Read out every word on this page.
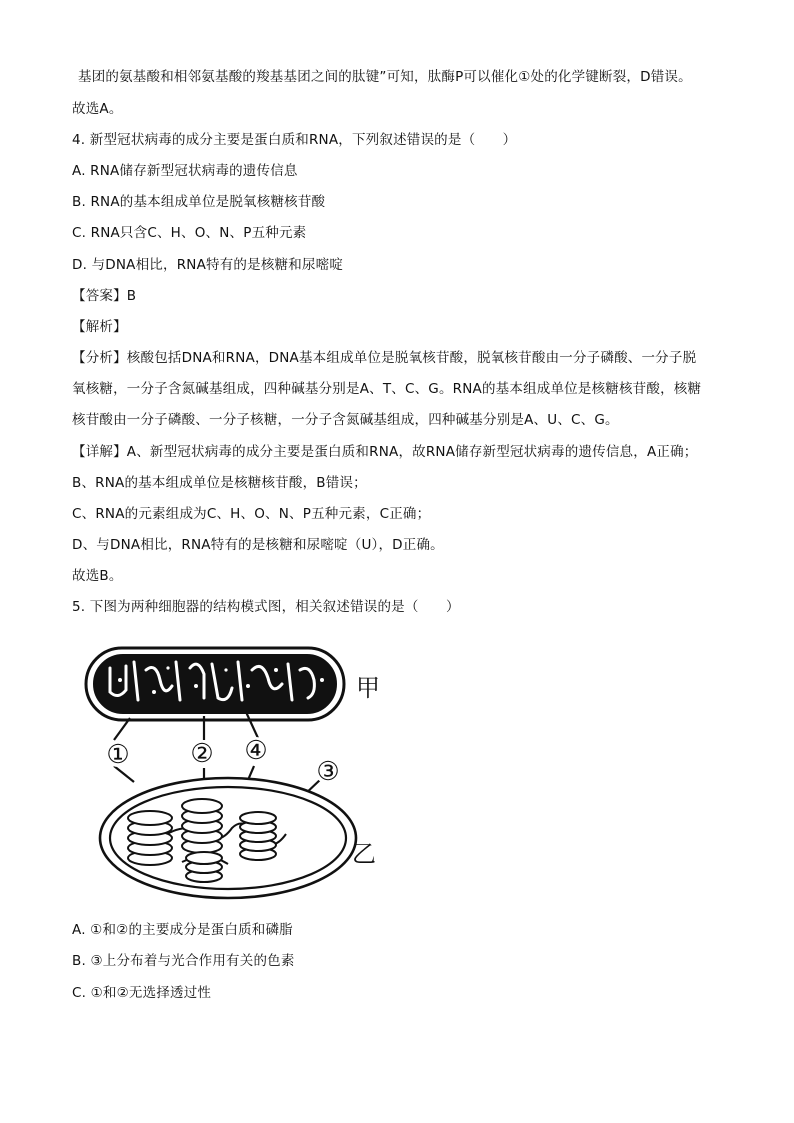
基团的氨基酸和相邻氨基酸的羧基基团之间的肽键”可知，肽酶P可以催化①处的化学键断裂，D错误。
故选A。
4. 新型冠状病毒的成分主要是蛋白质和RNA，下列叙述错误的是（　　）
A. RNA储存新型冠状病毒的遗传信息
B. RNA的基本组成单位是脱氧核糖核苷酸
C. RNA只含C、H、O、N、P五种元素
D. 与DNA相比，RNA特有的是核糖和尿嘧啶
【答案】B
【解析】
【分析】核酸包括DNA和RNA，DNA基本组成单位是脱氧核苷酸，脱氧核苷酸由一分子磷酸、一分子脱
氧核糖，一分子含氮碱基组成，四种碱基分别是A、T、C、G。RNA的基本组成单位是核糖核苷酸，核糖
核苷酸由一分子磷酸、一分子核糖，一分子含氮碱基组成，四种碱基分别是A、U、C、G。
【详解】A、新型冠状病毒的成分主要是蛋白质和RNA，故RNA储存新型冠状病毒的遗传信息，A正确；
B、RNA的基本组成单位是核糖核苷酸，B错误；
C、RNA的元素组成为C、H、O、N、P五种元素，C正确；
D、与DNA相比，RNA特有的是核糖和尿嘧啶（U），D正确。
故选B。
5. 下图为两种细胞器的结构模式图，相关叙述错误的是（　　）
甲
① ② ④
③
乙
A. ①和②的主要成分是蛋白质和磷脂
B. ③上分布着与光合作用有关的色素
C. ①和②无选择透过性
